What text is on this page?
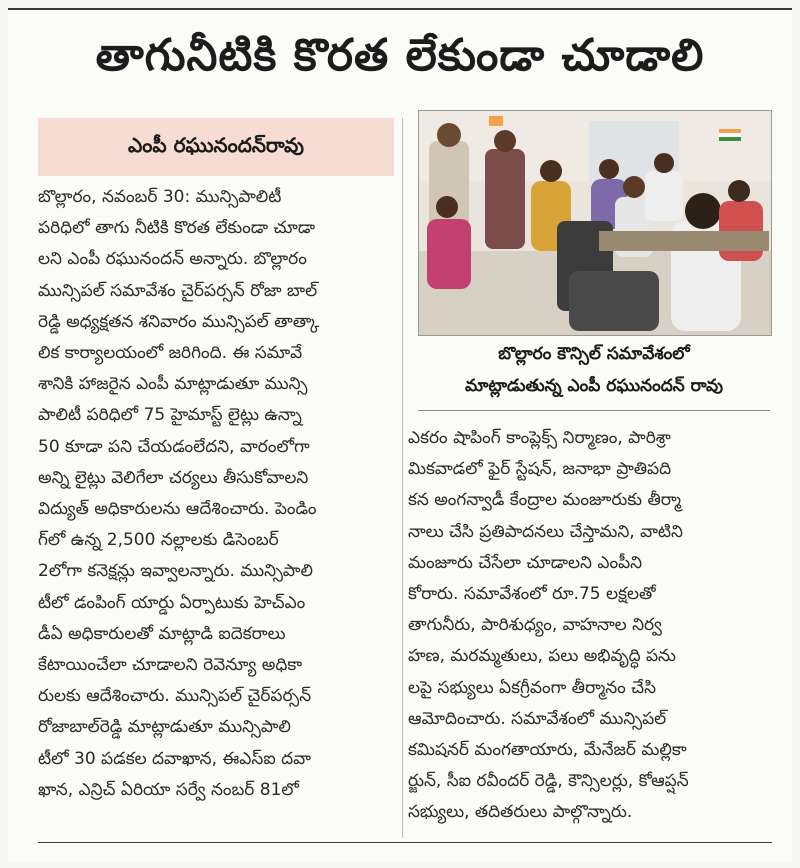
తాగునీటికి కొరత లేకుండా చూడాలి
ఎంపీ రఘునందన్‌రావు
బొల్లారం కౌన్సిల్ సమావేశంలో
మాట్లాడుతున్న ఎంపీ రఘునందన్ రావు
బొల్లారం, నవంబర్ 30: మున్సిపాలిటీ
పరిధిలో తాగు నీటికి కొరత లేకుండా చూడా
లని ఎంపీ రఘునందన్ అన్నారు. బొల్లారం
మున్సిపల్ సమావేశం చైర్‌పర్సన్ రోజా బాల్
రెడ్డి అధ్యక్షతన శనివారం మున్సిపల్ తాత్కా
లిక కార్యాలయంలో జరిగింది. ఈ సమావే
శానికి హాజరైన ఎంపీ మాట్లాడుతూ మున్సి
పాలిటీ పరిధిలో 75 హైమాస్ట్ లైట్లు ఉన్నా
50 కూడా పని చేయడంలేదని, వారంలోగా
అన్ని లైట్లు వెలిగేలా చర్యలు తీసుకోవాలని
విద్యుత్ అధికారులను ఆదేశించారు. పెండిం
గ్‌లో ఉన్న 2,500 నల్లాలకు డిసెంబర్
2లోగా కనెక్షన్లు ఇవ్వాలన్నారు. మున్సిపాలి
టీలో డంపింగ్ యార్డు ఏర్పాటుకు హెచ్‌ఎం
డీఏ అధికారులతో మాట్లాడి ఐదెకరాలు
కేటాయించేలా చూడాలని రెవెన్యూ అధికా
రులకు ఆదేశించారు. మున్సిపల్ చైర్‌పర్సన్
రోజాబాల్‌రెడ్డి మాట్లాడుతూ మున్సిపాలి
టీలో 30 పడకల దవాఖాన, ఈఎస్‌ఐ దవా
ఖాన, ఎన్రిచ్ ఏరియా సర్వే నంబర్ 81లో
ఎకరం షాపింగ్ కాంప్లెక్స్ నిర్మాణం, పారిశ్రా
మికవాడలో ఫైర్ స్టేషన్, జనాభా ప్రాతిపది
కన అంగన్వాడీ కేంద్రాల మంజూరుకు తీర్మా
నాలు చేసి ప్రతిపాదనలు చేస్తామని, వాటిని
మంజూరు చేసేలా చూడాలని ఎంపీని
కోరారు. సమావేశంలో రూ.75 లక్షలతో
తాగునీరు, పారిశుధ్యం, వాహనాల నిర్వ
హణ, మరమ్మతులు, పలు అభివృద్ధి పను
లపై సభ్యులు ఏకగ్రీవంగా తీర్మానం చేసి
ఆమోదించారు. సమావేశంలో మున్సిపల్
కమిషనర్ మంగతాయారు, మేనేజర్ మల్లికా
ర్జున్, సీఐ రవీందర్ రెడ్డి, కౌన్సిలర్లు, కోఆప్షన్
సభ్యులు, తదితరులు పాల్గొన్నారు.
